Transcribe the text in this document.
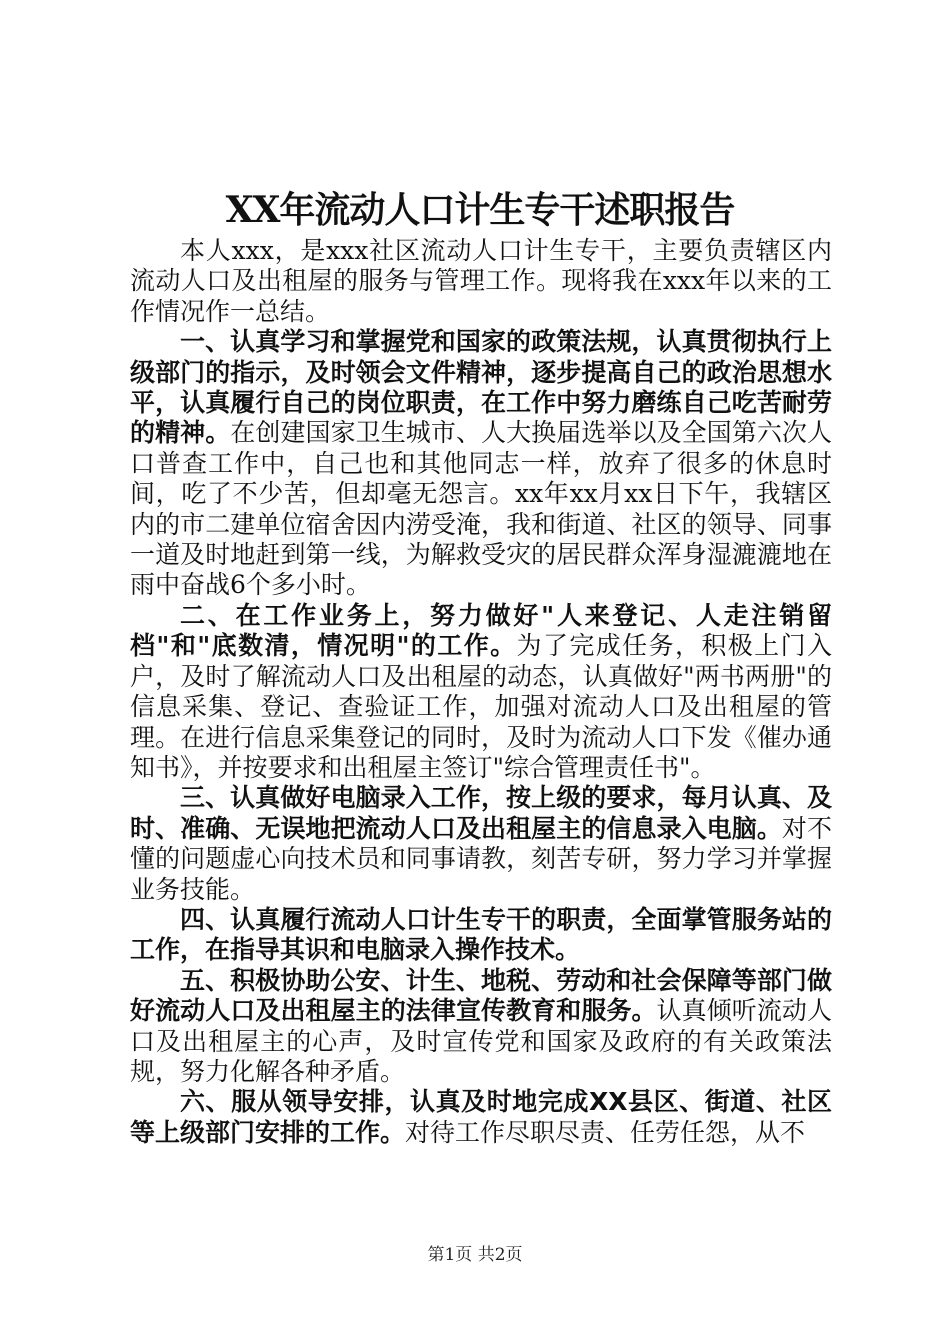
XX年流动人口计生专干述职报告

本人xxx，是xxx社区流动人口计生专干，主要负责辖区内流动人口及出租屋的服务与管理工作。现将我在xxx年以来的工作情况作一总结。

一、认真学习和掌握党和国家的政策法规，认真贯彻执行上级部门的指示，及时领会文件精神，逐步提高自己的政治思想水平，认真履行自己的岗位职责，在工作中努力磨练自己吃苦耐劳的精神。在创建国家卫生城市、人大换届选举以及全国第六次人口普查工作中，自己也和其他同志一样，放弃了很多的休息时间，吃了不少苦，但却毫无怨言。xx年xx月xx日下午，我辖区内的市二建单位宿舍因内涝受淹，我和街道、社区的领导、同事一道及时地赶到第一线，为解救受灾的居民群众浑身湿漉漉地在雨中奋战6个多小时。

二、在工作业务上，努力做好"人来登记、人走注销留档"和"底数清，情况明"的工作。为了完成任务，积极上门入户，及时了解流动人口及出租屋的动态，认真做好"两书两册"的信息采集、登记、查验证工作，加强对流动人口及出租屋的管理。在进行信息采集登记的同时，及时为流动人口下发《催办通知书》，并按要求和出租屋主签订"综合管理责任书"。

三、认真做好电脑录入工作，按上级的要求，每月认真、及时、准确、无误地把流动人口及出租屋主的信息录入电脑。对不懂的问题虚心向技术员和同事请教，刻苦专研，努力学习并掌握业务技能。

四、认真履行流动人口计生专干的职责，全面掌管服务站的工作，在指导其识和电脑录入操作技术。

五、积极协助公安、计生、地税、劳动和社会保障等部门做好流动人口及出租屋主的法律宣传教育和服务。认真倾听流动人口及出租屋主的心声，及时宣传党和国家及政府的有关政策法规，努力化解各种矛盾。

六、服从领导安排，认真及时地完成XX县区、街道、社区等上级部门安排的工作。对待工作尽职尽责、任劳任怨，从不

第1页 共2页
